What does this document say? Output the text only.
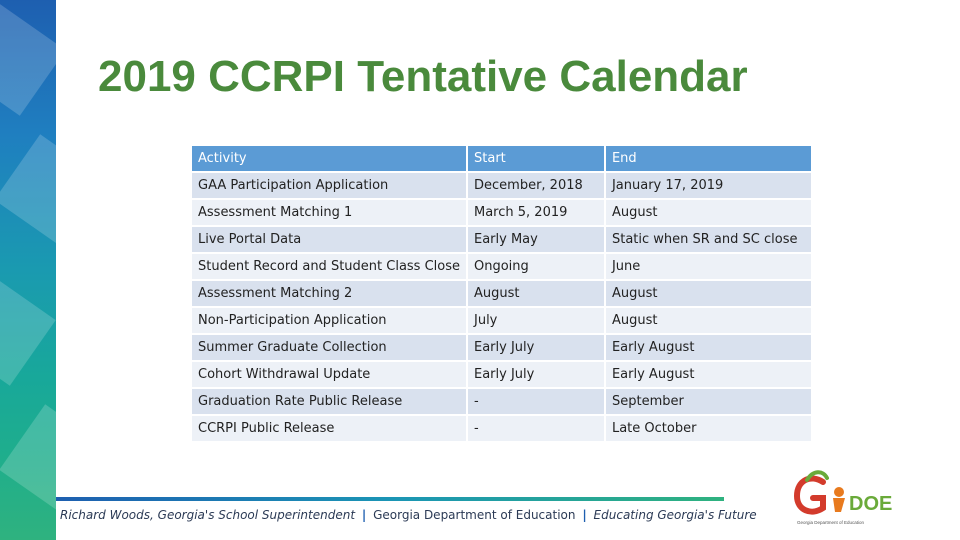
2019 CCRPI Tentative Calendar
Activity	Start	End
GAA Participation Application	December, 2018	January 17, 2019
Assessment Matching 1	March 5, 2019	August
Live Portal Data	Early May	Static when SR and SC close
Student Record and Student Class Close	Ongoing	June
Assessment Matching 2	August	August
Non-Participation Application	July	August
Summer Graduate Collection	Early July	Early August
Cohort Withdrawal Update	Early July	Early August
Graduation Rate Public Release	-	September
CCRPI Public Release	-	Late October
Richard Woods, Georgia's School Superintendent | Georgia Department of Education | Educating Georgia's Future	DOE
Georgia Department of Education
